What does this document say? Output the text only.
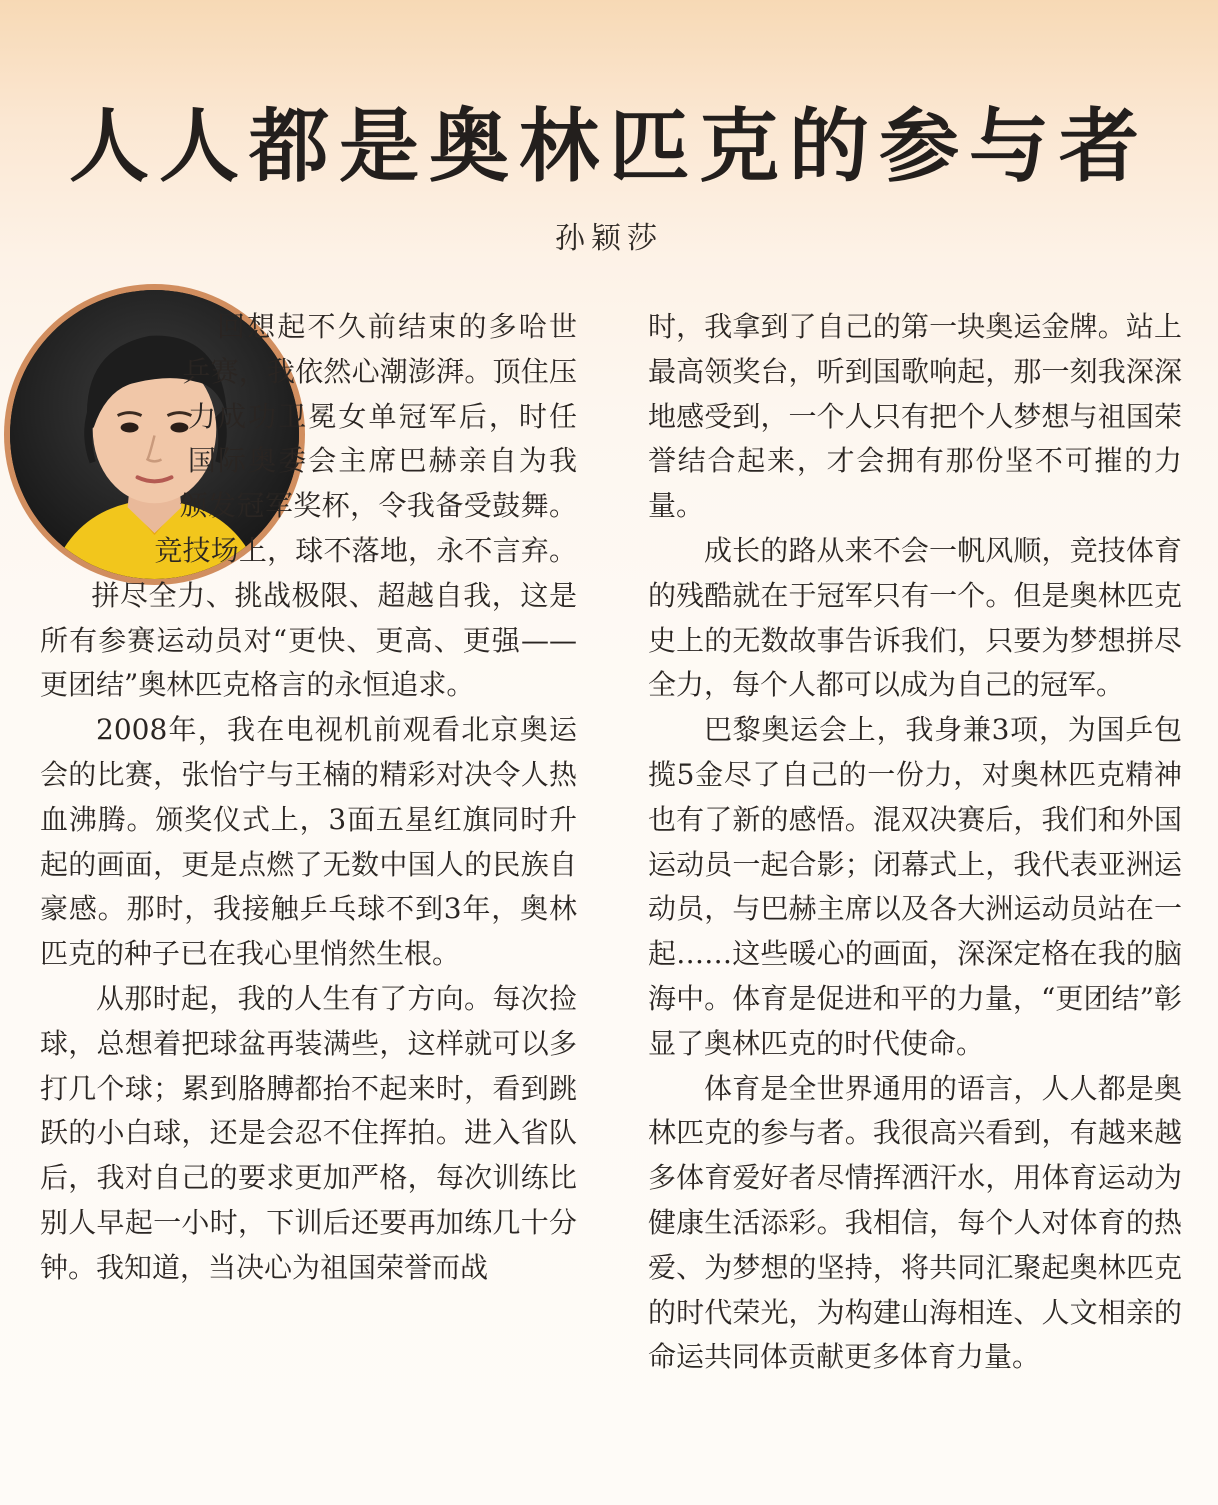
人人都是奥林匹克的参与者
孙颖莎

回想起不久前结束的多哈世乒赛，我依然心潮澎湃。顶住压力成功卫冕女单冠军后，时任国际奥委会主席巴赫亲自为我颁发冠军奖杯，令我备受鼓舞。竞技场上，球不落地，永不言弃。拼尽全力、挑战极限、超越自我，这是所有参赛运动员对“更快、更高、更强——更团结”奥林匹克格言的永恒追求。

2008年，我在电视机前观看北京奥运会的比赛，张怡宁与王楠的精彩对决令人热血沸腾。颁奖仪式上，3面五星红旗同时升起的画面，更是点燃了无数中国人的民族自豪感。那时，我接触乒乓球不到3年，奥林匹克的种子已在我心里悄然生根。

从那时起，我的人生有了方向。每次捡球，总想着把球盆再装满些，这样就可以多打几个球；累到胳膊都抬不起来时，看到跳跃的小白球，还是会忍不住挥拍。进入省队后，我对自己的要求更加严格，每次训练比别人早起一小时，下训后还要再加练几十分钟。我知道，当决心为祖国荣誉而战

时，我拿到了自己的第一块奥运金牌。站上最高领奖台，听到国歌响起，那一刻我深深地感受到，一个人只有把个人梦想与祖国荣誉结合起来，才会拥有那份坚不可摧的力量。

成长的路从来不会一帆风顺，竞技体育的残酷就在于冠军只有一个。但是奥林匹克史上的无数故事告诉我们，只要为梦想拼尽全力，每个人都可以成为自己的冠军。

巴黎奥运会上，我身兼3项，为国乒包揽5金尽了自己的一份力，对奥林匹克精神也有了新的感悟。混双决赛后，我们和外国运动员一起合影；闭幕式上，我代表亚洲运动员，与巴赫主席以及各大洲运动员站在一起……这些暖心的画面，深深定格在我的脑海中。体育是促进和平的力量，“更团结”彰显了奥林匹克的时代使命。

体育是全世界通用的语言，人人都是奥林匹克的参与者。我很高兴看到，有越来越多体育爱好者尽情挥洒汗水，用体育运动为健康生活添彩。我相信，每个人对体育的热爱、为梦想的坚持，将共同汇聚起奥林匹克的时代荣光，为构建山海相连、人文相亲的命运共同体贡献更多体育力量。
